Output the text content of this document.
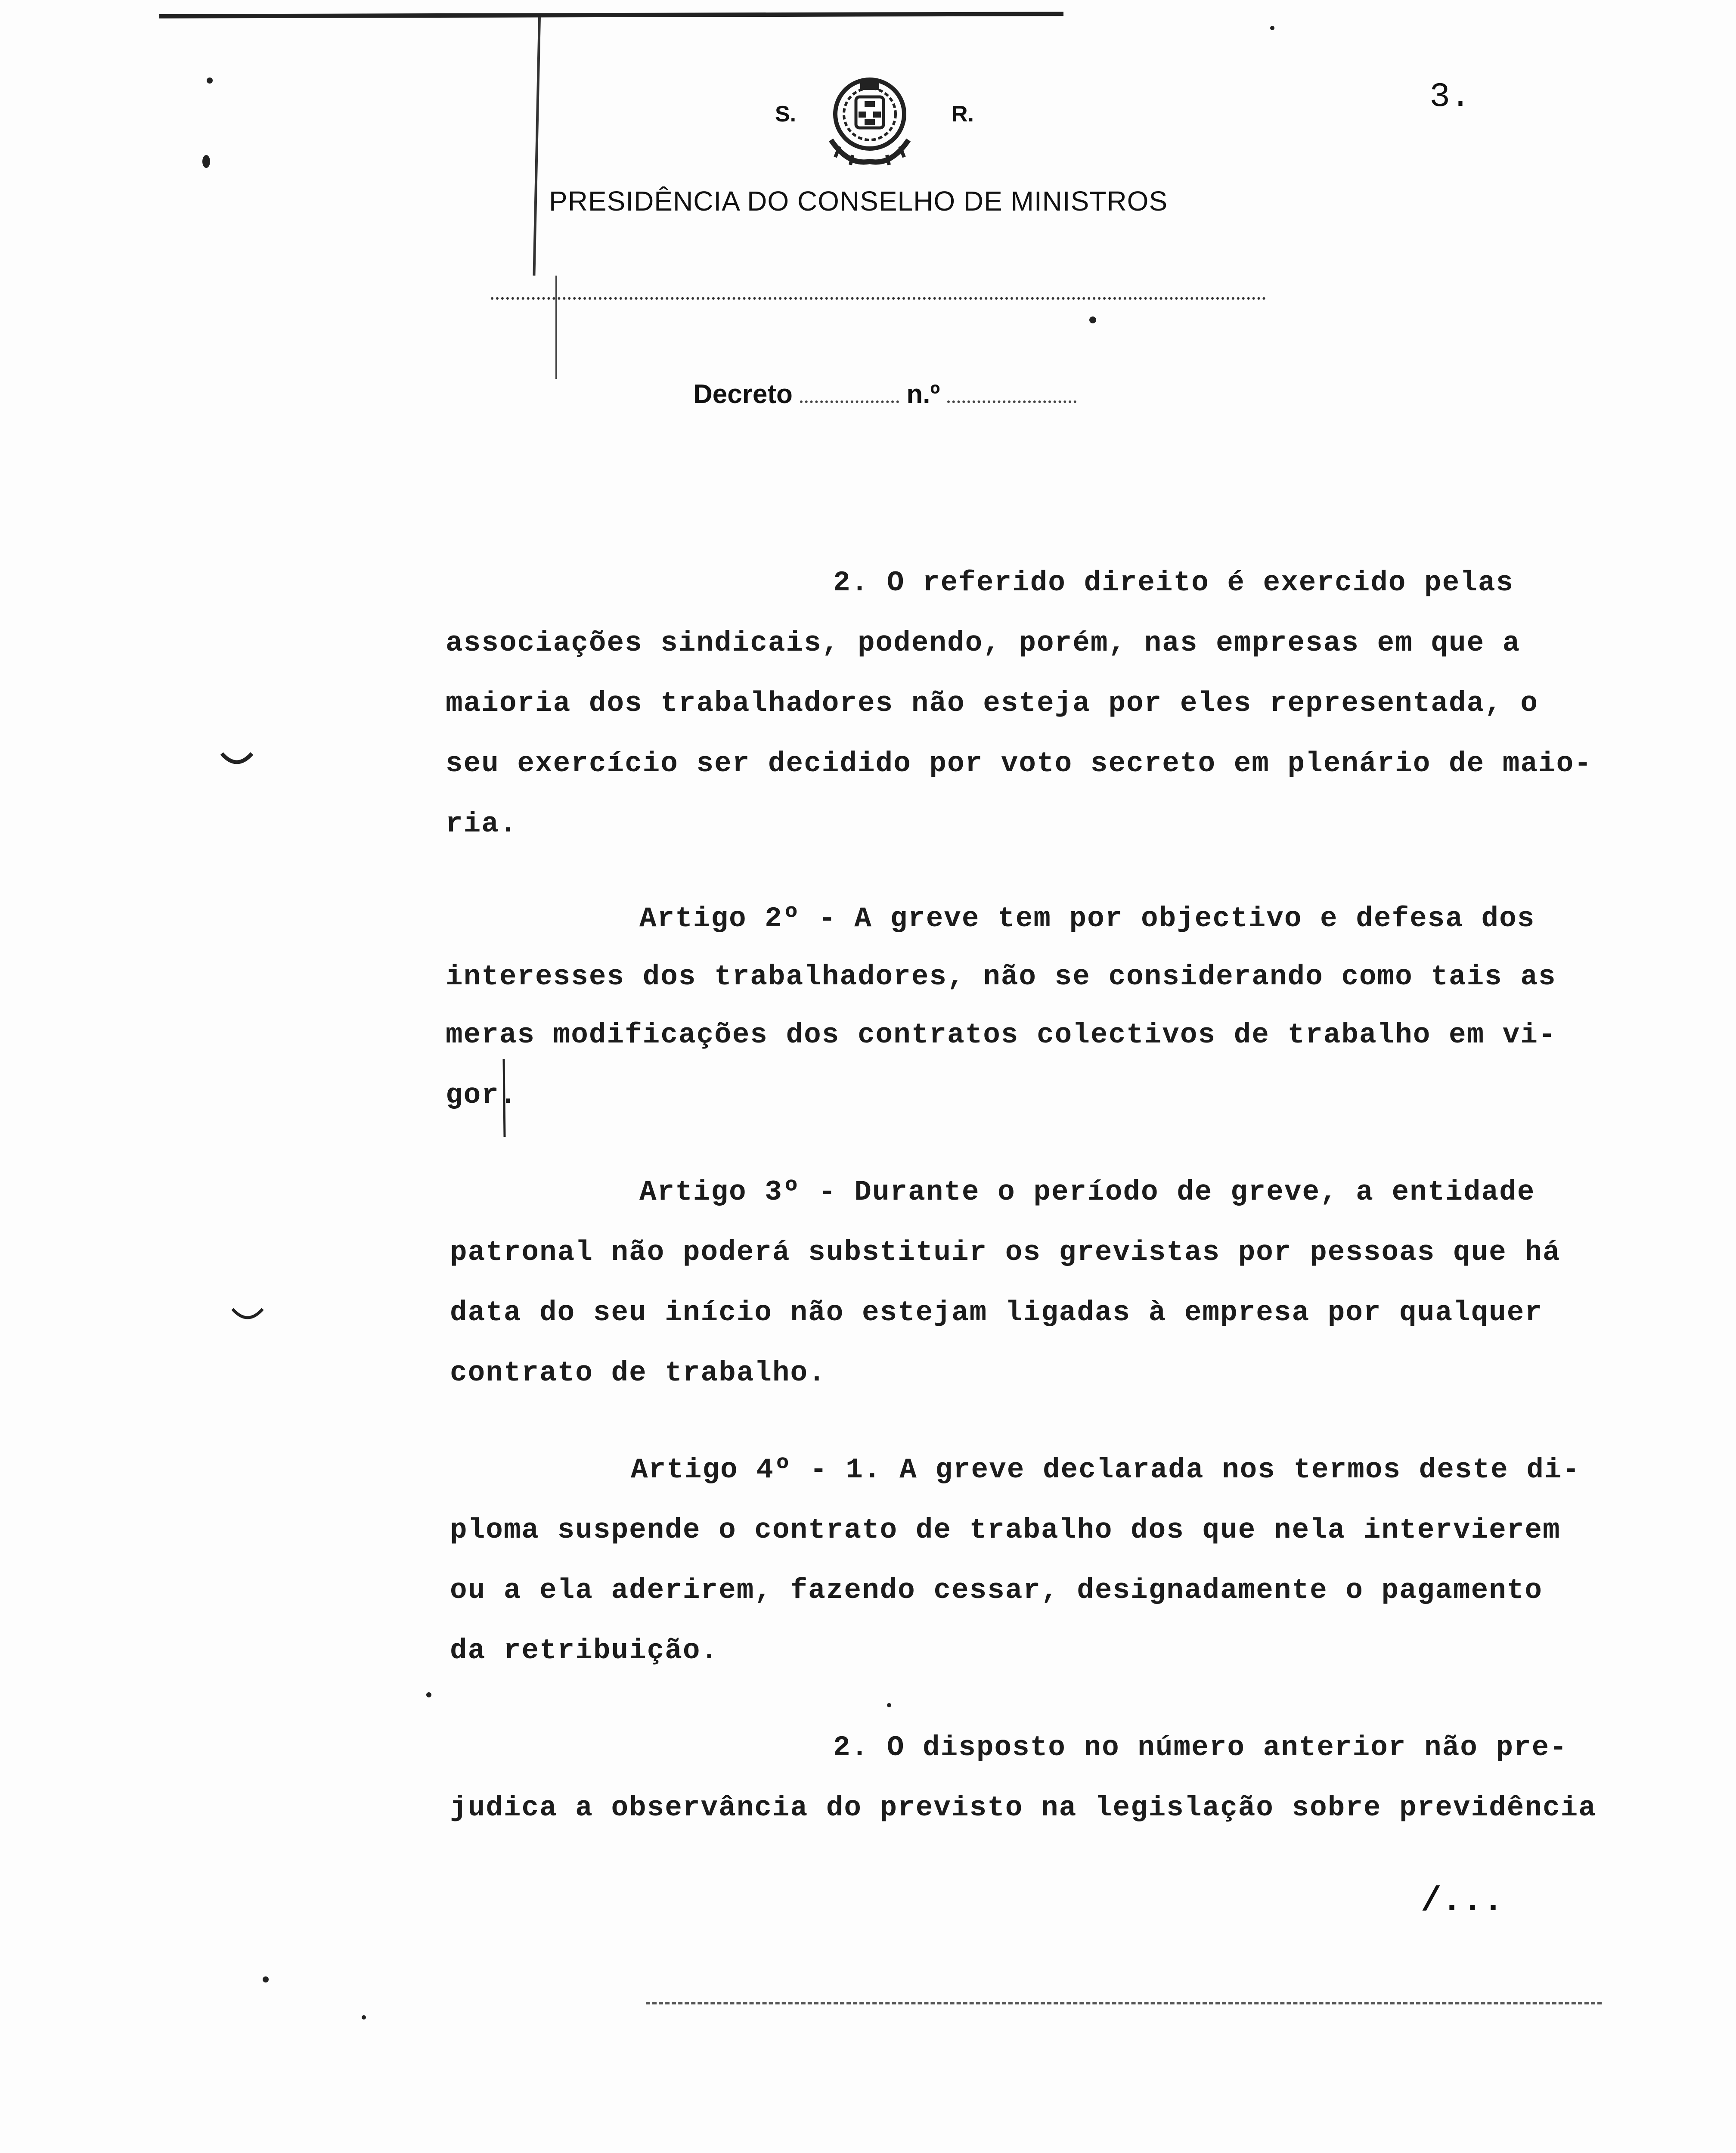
3.
S.	R.
PRESIDÊNCIA DO CONSELHO DE MINISTROS
Decreto	n.º
2. O referido direito é exercido pelas
associações sindicais, podendo, porém, nas empresas em que a
maioria dos trabalhadores não esteja por eles representada, o
seu exercício ser decidido por voto secreto em plenário de maio-
ria.
Artigo 2º - A greve tem por objectivo e defesa dos
interesses dos trabalhadores, não se considerando como tais as
meras modificações dos contratos colectivos de trabalho em vi-
gor.
Artigo 3º - Durante o período de greve, a entidade
patronal não poderá substituir os grevistas por pessoas que há
data do seu início não estejam ligadas à empresa por qualquer
contrato de trabalho.
Artigo 4º - 1. A greve declarada nos termos deste di-
ploma suspende o contrato de trabalho dos que nela intervierem
ou a ela aderirem, fazendo cessar, designadamente o pagamento
da retribuição.
2. O disposto no número anterior não pre-
judica a observância do previsto na legislação sobre previdência
/...
